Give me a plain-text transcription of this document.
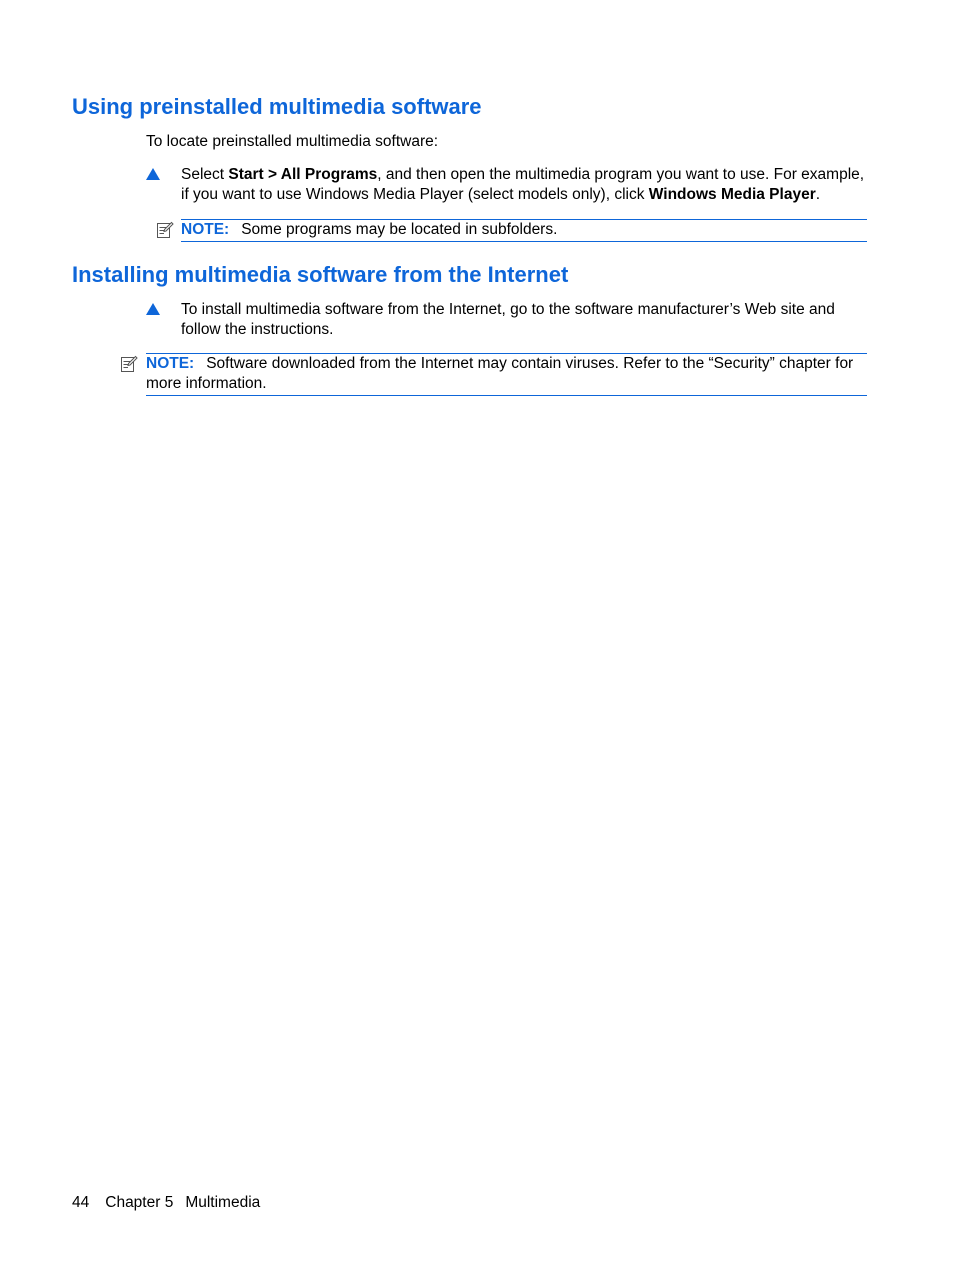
Using preinstalled multimedia software

To locate preinstalled multimedia software:

Select Start > All Programs, and then open the multimedia program you want to use. For example, if you want to use Windows Media Player (select models only), click Windows Media Player.
NOTE: Some programs may be located in subfolders.
Installing multimedia software from the Internet
To install multimedia software from the Internet, go to the software manufacturer’s Web site and follow the instructions.
NOTE: Software downloaded from the Internet may contain viruses. Refer to the “Security” chapter for more information.
44 Chapter 5 Multimedia
